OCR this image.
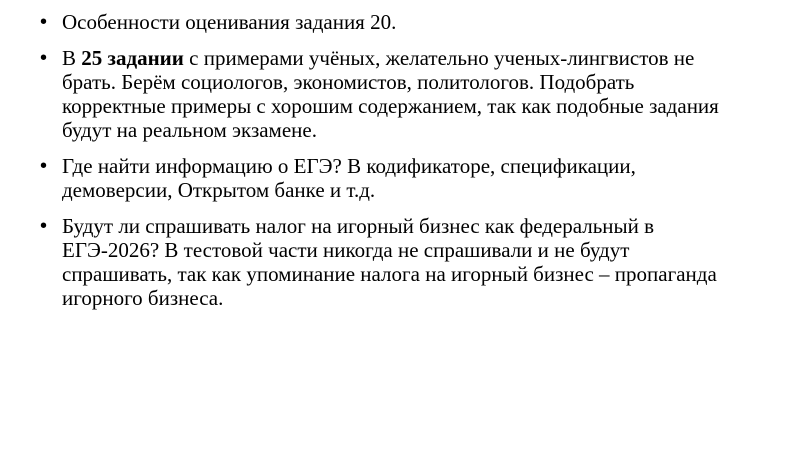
• Особенности оценивания задания 20.
• В 25 задании с примерами учёных, желательно ученых-лингвистов не брать. Берём социологов, экономистов, политологов. Подобрать корректные примеры с хорошим содержанием, так как подобные задания будут на реальном экзамене.
• Где найти информацию о ЕГЭ? В кодификаторе, спецификации, демоверсии, Открытом банке и т.д.
• Будут ли спрашивать налог на игорный бизнес как федеральный в ЕГЭ-2026? В тестовой части никогда не спрашивали и не будут спрашивать, так как упоминание налога на игорный бизнес – пропаганда игорного бизнеса.
